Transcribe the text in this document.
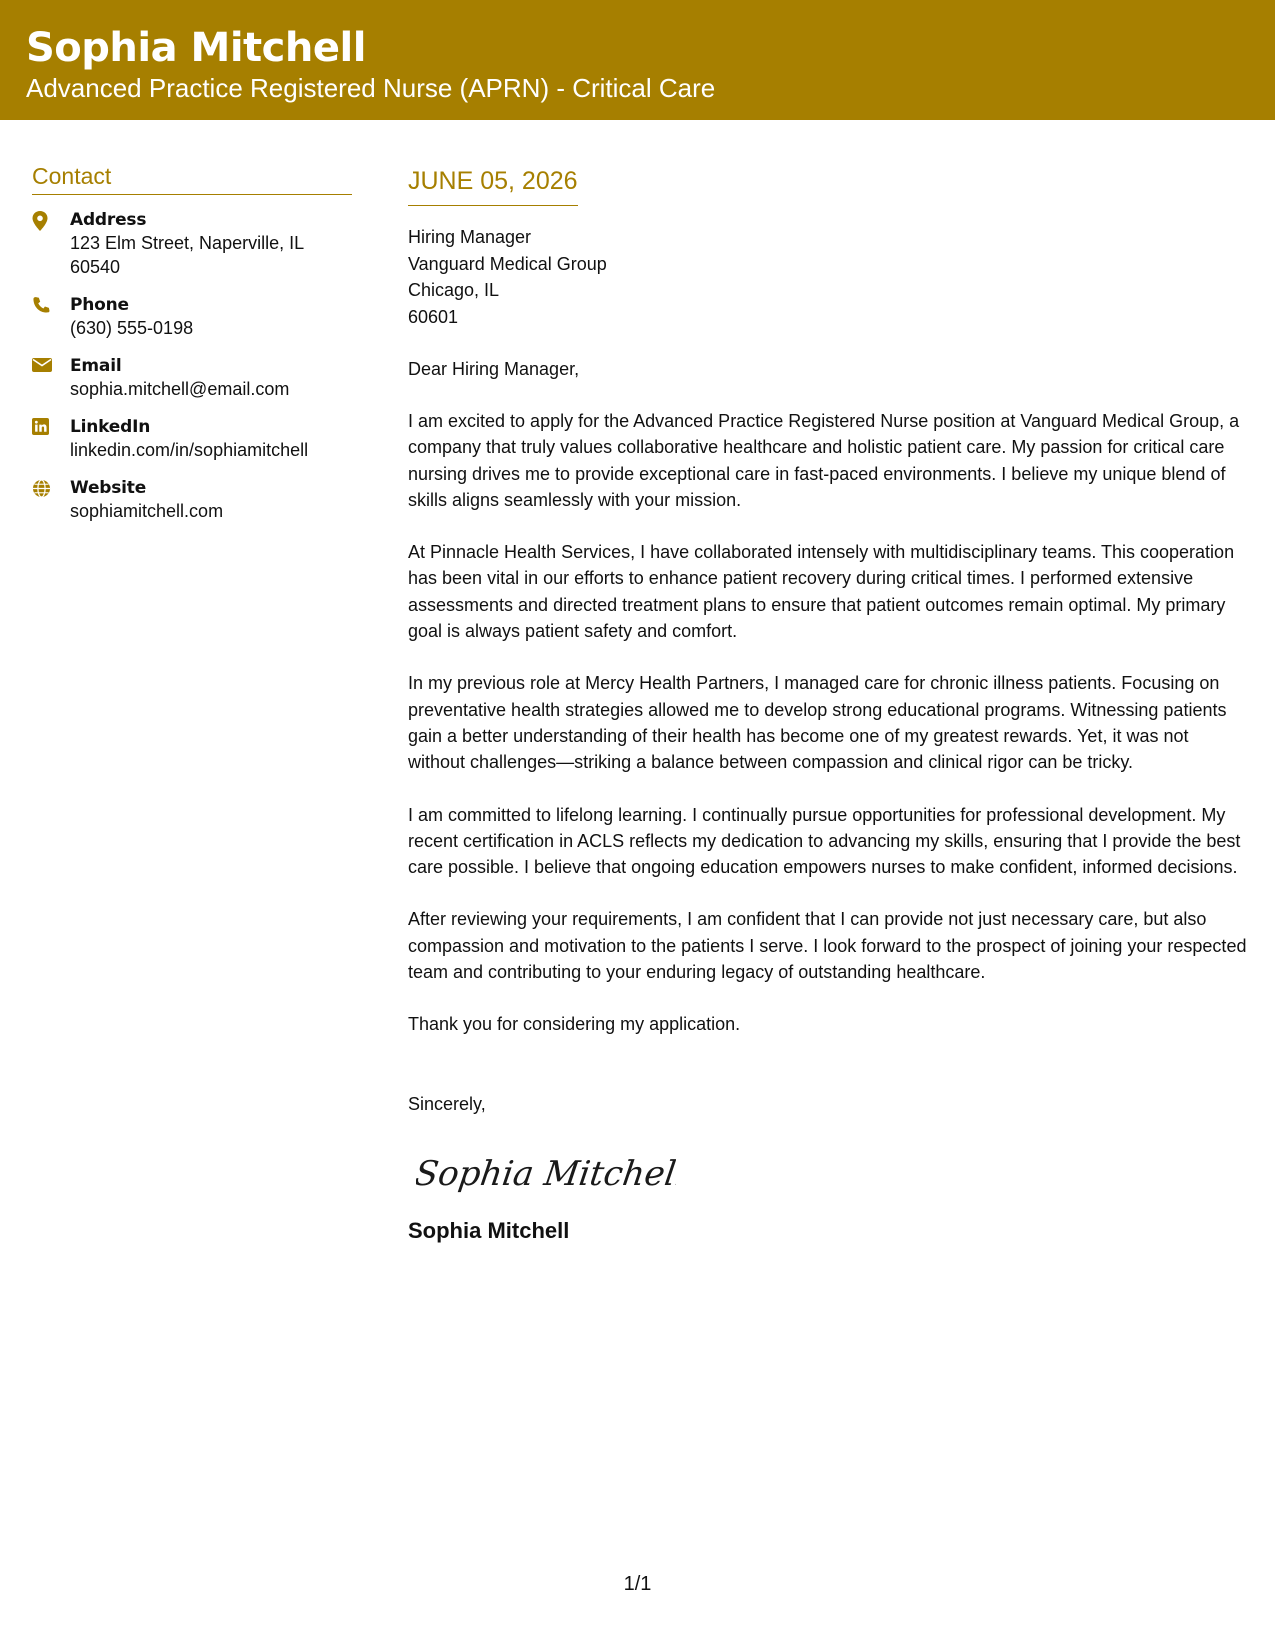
Sophia Mitchell
Advanced Practice Registered Nurse (APRN) - Critical Care
Contact
Address
123 Elm Street, Naperville, IL 60540
Phone
(630) 555-0198
Email
sophia.mitchell@email.com
LinkedIn
linkedin.com/in/sophiamitchell
Website
sophiamitchell.com
JUNE 05, 2026
Hiring Manager
Vanguard Medical Group
Chicago, IL
60601
Dear Hiring Manager,
I am excited to apply for the Advanced Practice Registered Nurse position at Vanguard Medical Group, a company that truly values collaborative healthcare and holistic patient care. My passion for critical care nursing drives me to provide exceptional care in fast-paced environments. I believe my unique blend of skills aligns seamlessly with your mission.
At Pinnacle Health Services, I have collaborated intensely with multidisciplinary teams. This cooperation has been vital in our efforts to enhance patient recovery during critical times. I performed extensive assessments and directed treatment plans to ensure that patient outcomes remain optimal. My primary goal is always patient safety and comfort.
In my previous role at Mercy Health Partners, I managed care for chronic illness patients. Focusing on preventative health strategies allowed me to develop strong educational programs. Witnessing patients gain a better understanding of their health has become one of my greatest rewards. Yet, it was not without challenges—striking a balance between compassion and clinical rigor can be tricky.
I am committed to lifelong learning. I continually pursue opportunities for professional development. My recent certification in ACLS reflects my dedication to advancing my skills, ensuring that I provide the best care possible. I believe that ongoing education empowers nurses to make confident, informed decisions.
After reviewing your requirements, I am confident that I can provide not just necessary care, but also compassion and motivation to the patients I serve. I look forward to the prospect of joining your respected team and contributing to your enduring legacy of outstanding healthcare.
Thank you for considering my application.
Sincerely,
Sophia Mitchell
Sophia Mitchell
1/1
